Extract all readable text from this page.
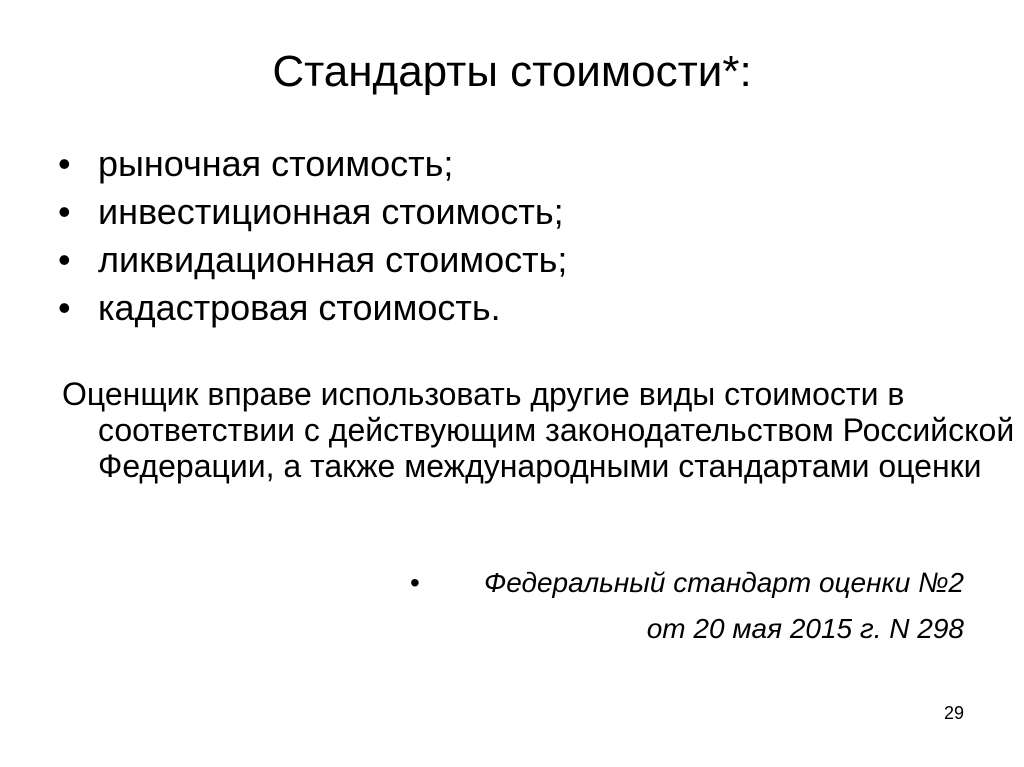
Стандарты стоимости*:
• рыночная стоимость;
• инвестиционная стоимость;
• ликвидационная стоимость;
• кадастровая стоимость.

Оценщик вправе использовать другие виды стоимости в соответствии с действующим законодательством Российской Федерации, а также международными стандартами оценки

•	Федеральный стандарт оценки №2
от 20 мая 2015 г. N 298
29
